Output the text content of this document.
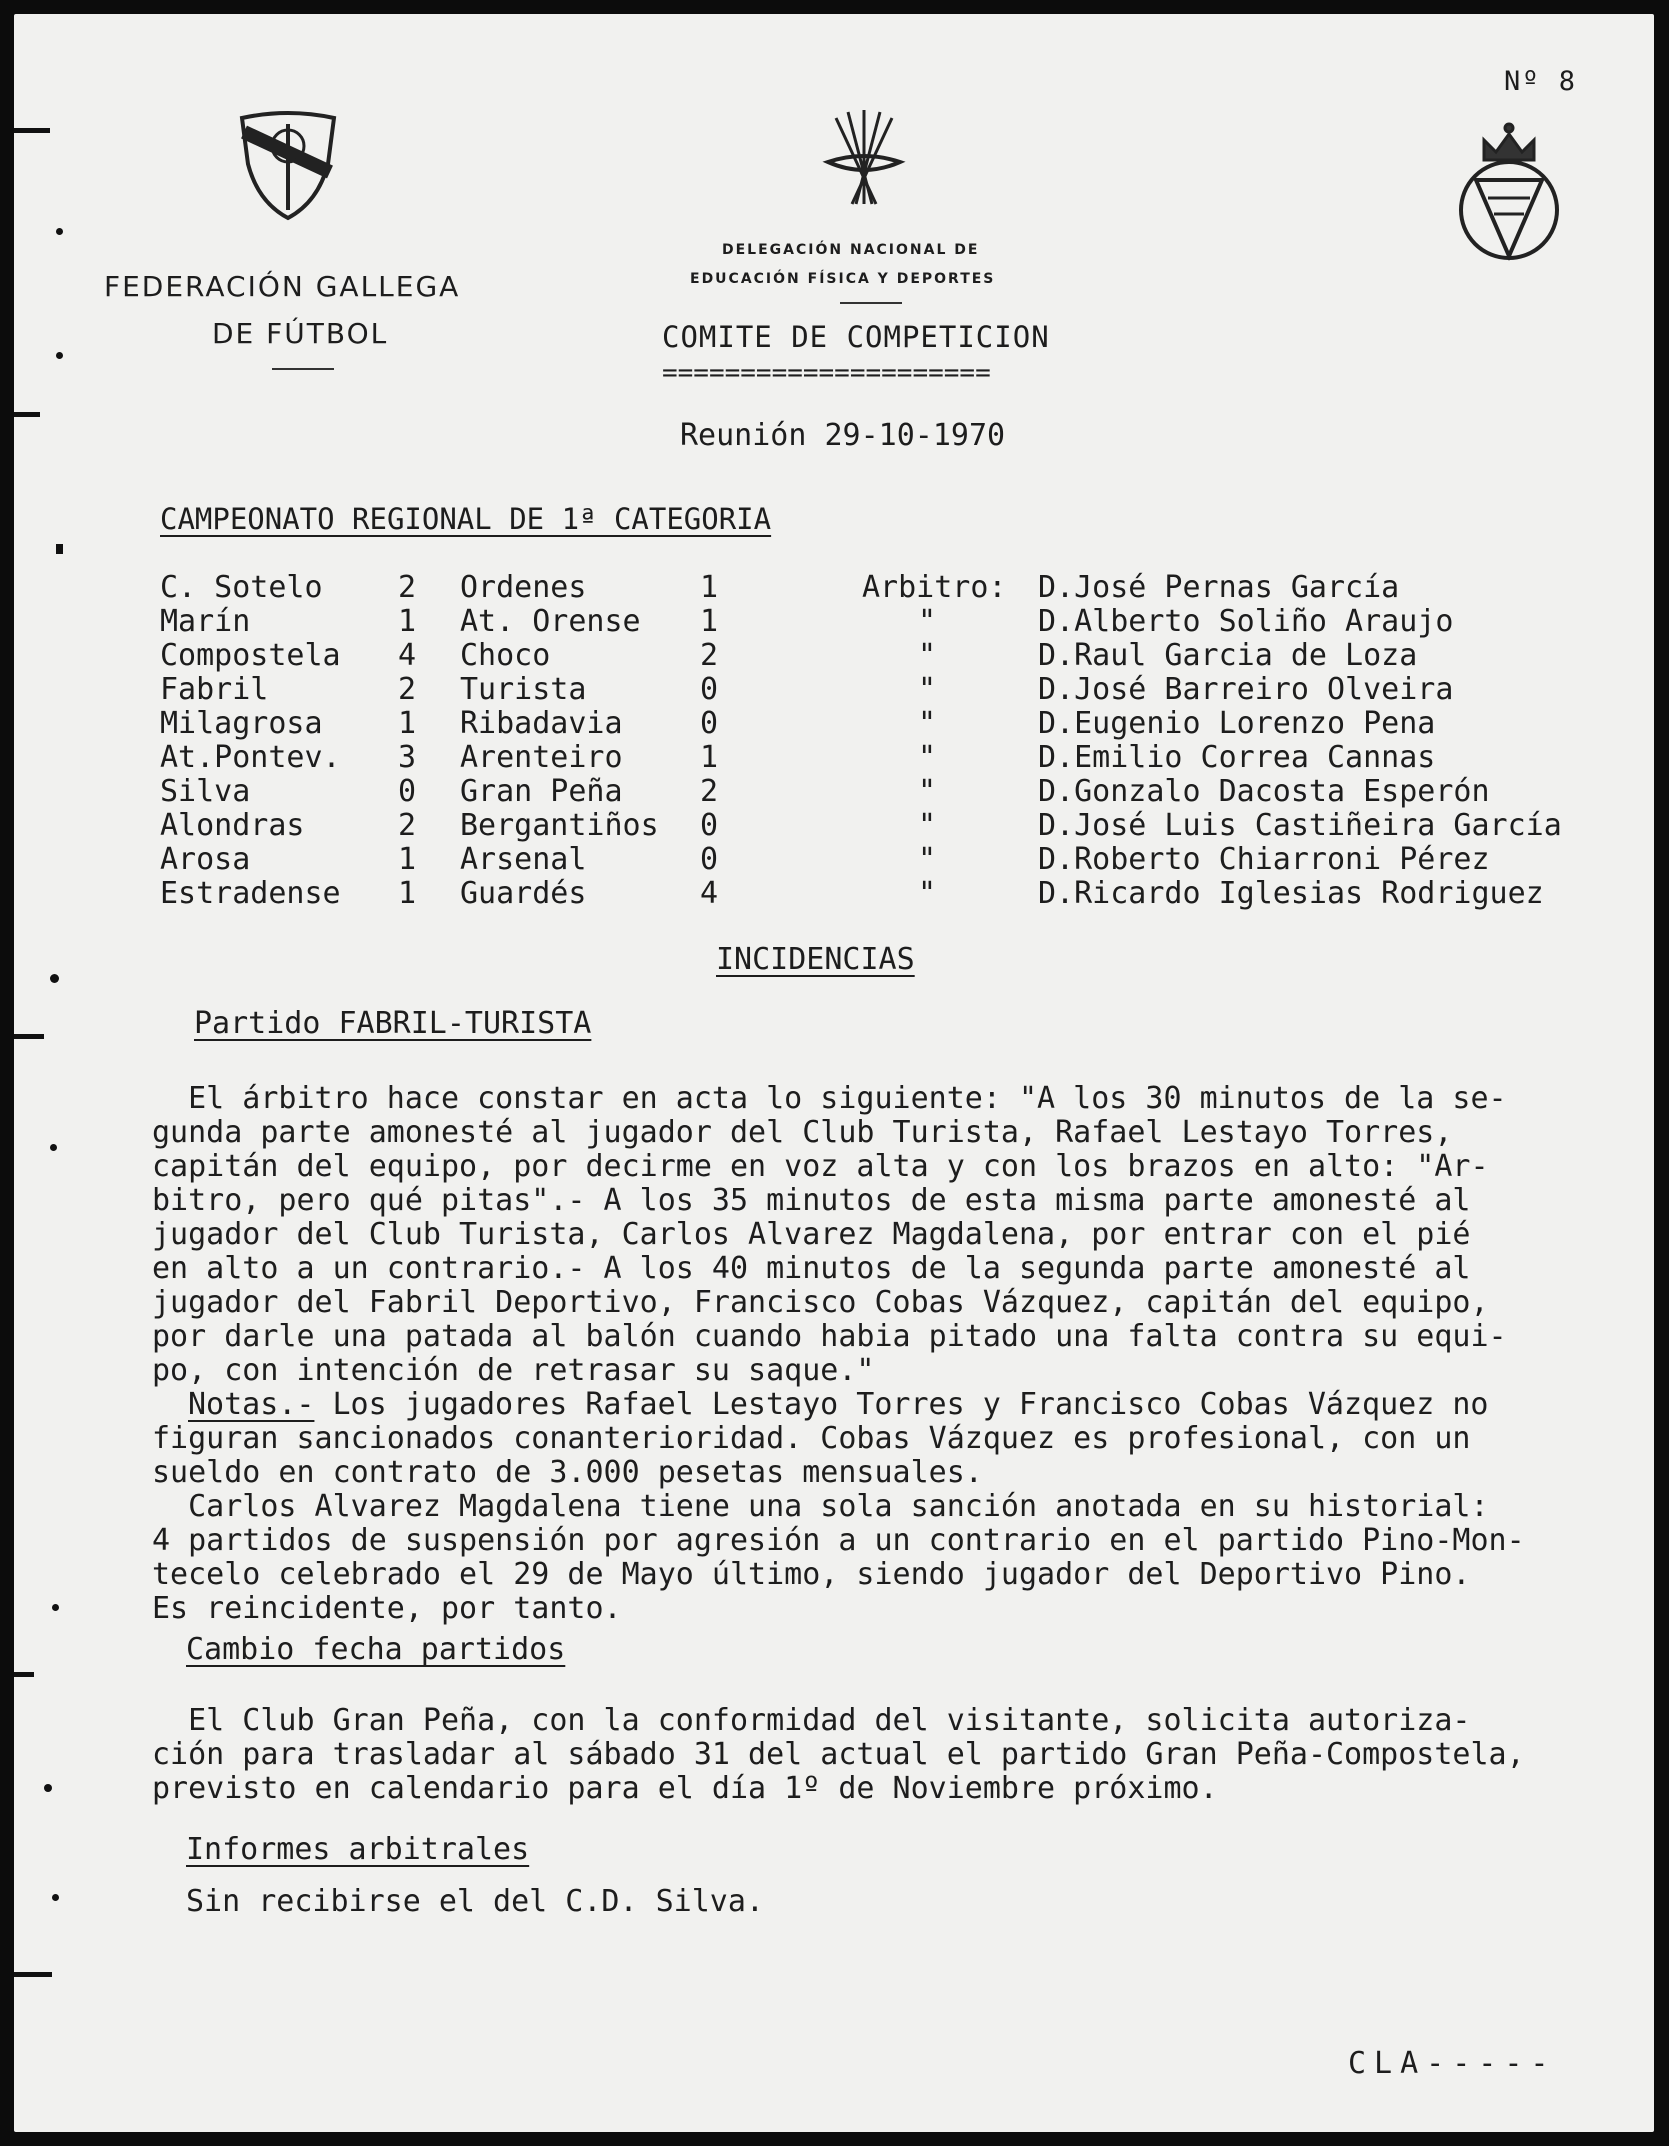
Nº 8
FEDERACIÓN GALLEGA
DE FÚTBOL
DELEGACIÓN NACIONAL DE
EDUCACIÓN FÍSICA Y DEPORTES
COMITE DE COMPETICION
=====================
Reunión 29-10-1970
CAMPEONATO REGIONAL DE 1ª CATEGORIA
C. Sotelo	2 Ordenes	1	Arbitro: D.José Pernas García
Marín	1 At. Orense 1	"	D.Alberto Soliño Araujo
Compostela 4 Choco	2	"	D.Raul Garcia de Loza
Fabril	2 Turista	0	"	D.José Barreiro Olveira
Milagrosa	1 Ribadavia	0	"	D.Eugenio Lorenzo Pena
At.Pontev. 3 Arenteiro	1	"	D.Emilio Correa Cannas
Silva	0 Gran Peña	2	"	D.Gonzalo Dacosta Esperón
Alondras	2 Bergantiños 0	"	D.José Luis Castiñeira García
Arosa	1 Arsenal	0	"	D.Roberto Chiarroni Pérez
Estradense 1 Guardés	4	"	D.Ricardo Iglesias Rodriguez
INCIDENCIAS
Partido FABRIL-TURISTA
El árbitro hace constar en acta lo siguiente: "A los 30 minutos de la se-
gunda parte amonesté al jugador del Club Turista, Rafael Lestayo Torres,
capitán del equipo, por decirme en voz alta y con los brazos en alto: "Ar-
bitro, pero qué pitas".- A los 35 minutos de esta misma parte amonesté al
jugador del Club Turista, Carlos Alvarez Magdalena, por entrar con el pié
en alto a un contrario.- A los 40 minutos de la segunda parte amonesté al
jugador del Fabril Deportivo, Francisco Cobas Vázquez, capitán del equipo,
por darle una patada al balón cuando habia pitado una falta contra su equi-
po, con intención de retrasar su saque."
Notas.- Los jugadores Rafael Lestayo Torres y Francisco Cobas Vázquez no
figuran sancionados conanterioridad. Cobas Vázquez es profesional, con un
sueldo en contrato de 3.000 pesetas mensuales.
Carlos Alvarez Magdalena tiene una sola sanción anotada en su historial:
4 partidos de suspensión por agresión a un contrario en el partido Pino-Mon-
tecelo celebrado el 29 de Mayo último, siendo jugador del Deportivo Pino.
Es reincidente, por tanto.
Cambio fecha partidos
El Club Gran Peña, con la conformidad del visitante, solicita autoriza-
ción para trasladar al sábado 31 del actual el partido Gran Peña-Compostela,
previsto en calendario para el día 1º de Noviembre próximo.
Informes arbitrales
Sin recibirse el del C.D. Silva.
CLA-----
